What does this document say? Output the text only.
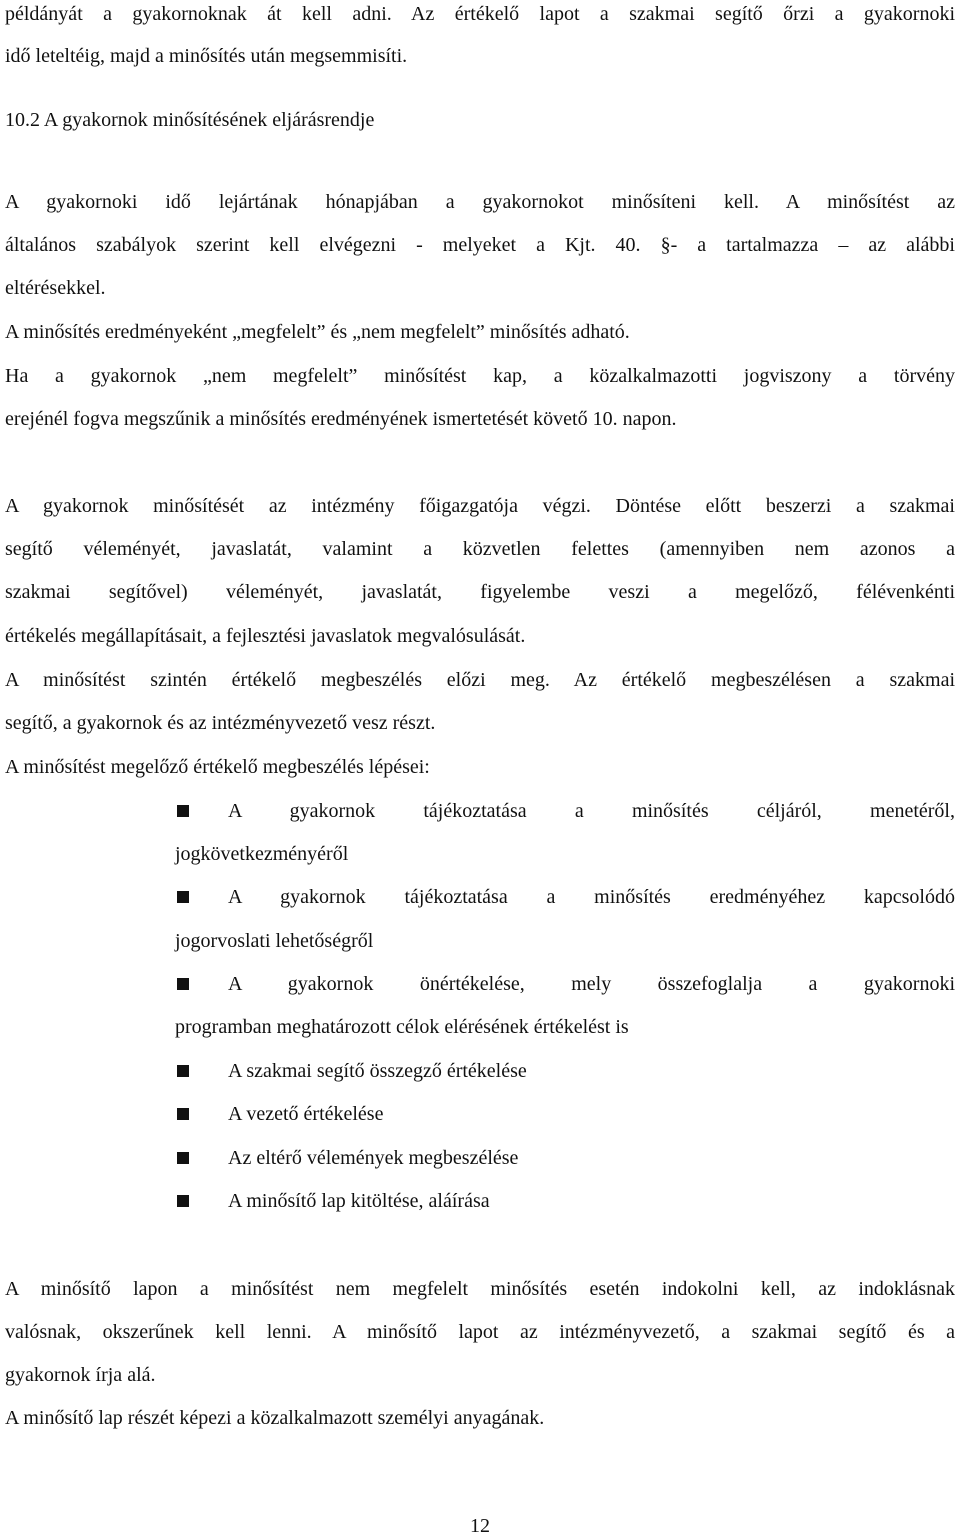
példányát a gyakornoknak át kell adni. Az értékelő lapot a szakmai segítő őrzi a gyakornoki
idő leteltéig, majd a minősítés után megsemmisíti.
10.2 A gyakornok minősítésének eljárásrendje
A gyakornoki idő lejártának hónapjában a gyakornokot minősíteni kell. A minősítést az
általános szabályok szerint kell elvégezni - melyeket a Kjt. 40. §- a tartalmazza – az alábbi
eltérésekkel.
A minősítés eredményeként „megfelelt” és „nem megfelelt” minősítés adható.
Ha a gyakornok „nem megfelelt” minősítést kap, a közalkalmazotti jogviszony a törvény
erejénél fogva megszűnik a minősítés eredményének ismertetését követő 10. napon.
A gyakornok minősítését az intézmény főigazgatója végzi. Döntése előtt beszerzi a szakmai
segítő véleményét, javaslatát, valamint a közvetlen felettes (amennyiben nem azonos a
szakmai segítővel) véleményét, javaslatát, figyelembe veszi a megelőző, félévenkénti
értékelés megállapításait, a fejlesztési javaslatok megvalósulását.
A minősítést szintén értékelő megbeszélés előzi meg. Az értékelő megbeszélésen a szakmai
segítő, a gyakornok és az intézményvezető vesz részt.
A minősítést megelőző értékelő megbeszélés lépései:
A gyakornok tájékoztatása a minősítés céljáról, menetéről,
jogkövetkezményéről
A gyakornok tájékoztatása a minősítés eredményéhez kapcsolódó
jogorvoslati lehetőségről
A gyakornok önértékelése, mely összefoglalja a gyakornoki
programban meghatározott célok elérésének értékelést is
A szakmai segítő összegző értékelése
A vezető értékelése
Az eltérő vélemények megbeszélése
A minősítő lap kitöltése, aláírása
A minősítő lapon a minősítést nem megfelelt minősítés esetén indokolni kell, az indoklásnak
valósnak, okszerűnek kell lenni. A minősítő lapot az intézményvezető, a szakmai segítő és a
gyakornok írja alá.
A minősítő lap részét képezi a közalkalmazott személyi anyagának.
12
